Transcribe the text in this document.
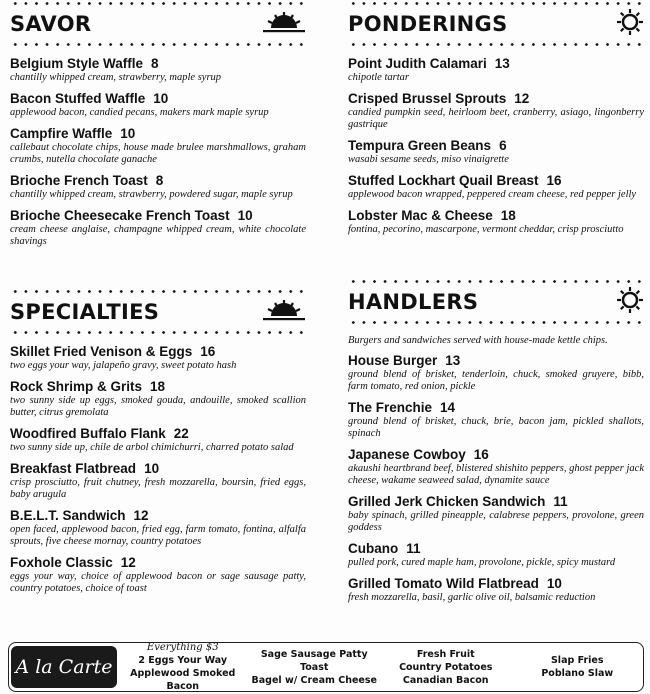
SAVOR
Belgium Style Waffle 8
chantilly whipped cream, strawberry, maple syrup
Bacon Stuffed Waffle 10
applewood bacon, candied pecans, makers mark maple syrup
Campfire Waffle 10
callebaut chocolate chips, house made brulee marshmallows, graham crumbs, nutella chocolate ganache
Brioche French Toast 8
chantilly whipped cream, strawberry, powdered sugar, maple syrup
Brioche Cheesecake French Toast 10
cream cheese anglaise, champagne whipped cream, white chocolate shavings
SPECIALTIES
Skillet Fried Venison & Eggs 16
two eggs your way, jalapeño gravy, sweet potato hash
Rock Shrimp & Grits 18
two sunny side up eggs, smoked gouda, andouille, smoked scallion butter, citrus gremolata
Woodfired Buffalo Flank 22
two sunny side up, chile de arbol chimichurri, charred potato salad
Breakfast Flatbread 10
crisp prosciutto, fruit chutney, fresh mozzarella, boursin, fried eggs, baby arugula
B.E.L.T. Sandwich 12
open faced, applewood bacon, fried egg, farm tomato, fontina, alfalfa sprouts, five cheese mornay, country potatoes
Foxhole Classic 12
eggs your way, choice of applewood bacon or sage sausage patty, country potatoes, choice of toast
PONDERINGS
Point Judith Calamari 13
chipotle tartar
Crisped Brussel Sprouts 12
candied pumpkin seed, heirloom beet, cranberry, asiago, lingonberry gastrique
Tempura Green Beans 6
wasabi sesame seeds, miso vinaigrette
Stuffed Lockhart Quail Breast 16
applewood bacon wrapped, peppered cream cheese, red pepper jelly
Lobster Mac & Cheese 18
fontina, pecorino, mascarpone, vermont cheddar, crisp prosciutto
HANDLERS
Burgers and sandwiches served with house-made kettle chips.
House Burger 13
ground blend of brisket, tenderloin, chuck, smoked gruyere, bibb, farm tomato, red onion, pickle
The Frenchie 14
ground blend of brisket, chuck, brie, bacon jam, pickled shallots, spinach
Japanese Cowboy 16
akaushi heartbrand beef, blistered shishito peppers, ghost pepper jack cheese, wakame seaweed salad, dynamite sauce
Grilled Jerk Chicken Sandwich 11
baby spinach, grilled pineapple, calabrese peppers, provolone, green goddess
Cubano 11
pulled pork, cured maple ham, provolone, pickle, spicy mustard
Grilled Tomato Wild Flatbread 10
fresh mozzarella, basil, garlic olive oil, balsamic reduction
A la Carte
Everything $3
2 Eggs Your Way
Applewood Smoked Bacon
Sage Sausage Patty
Toast
Bagel w/ Cream Cheese
Fresh Fruit
Country Potatoes
Canadian Bacon
Slap Fries
Poblano Slaw
